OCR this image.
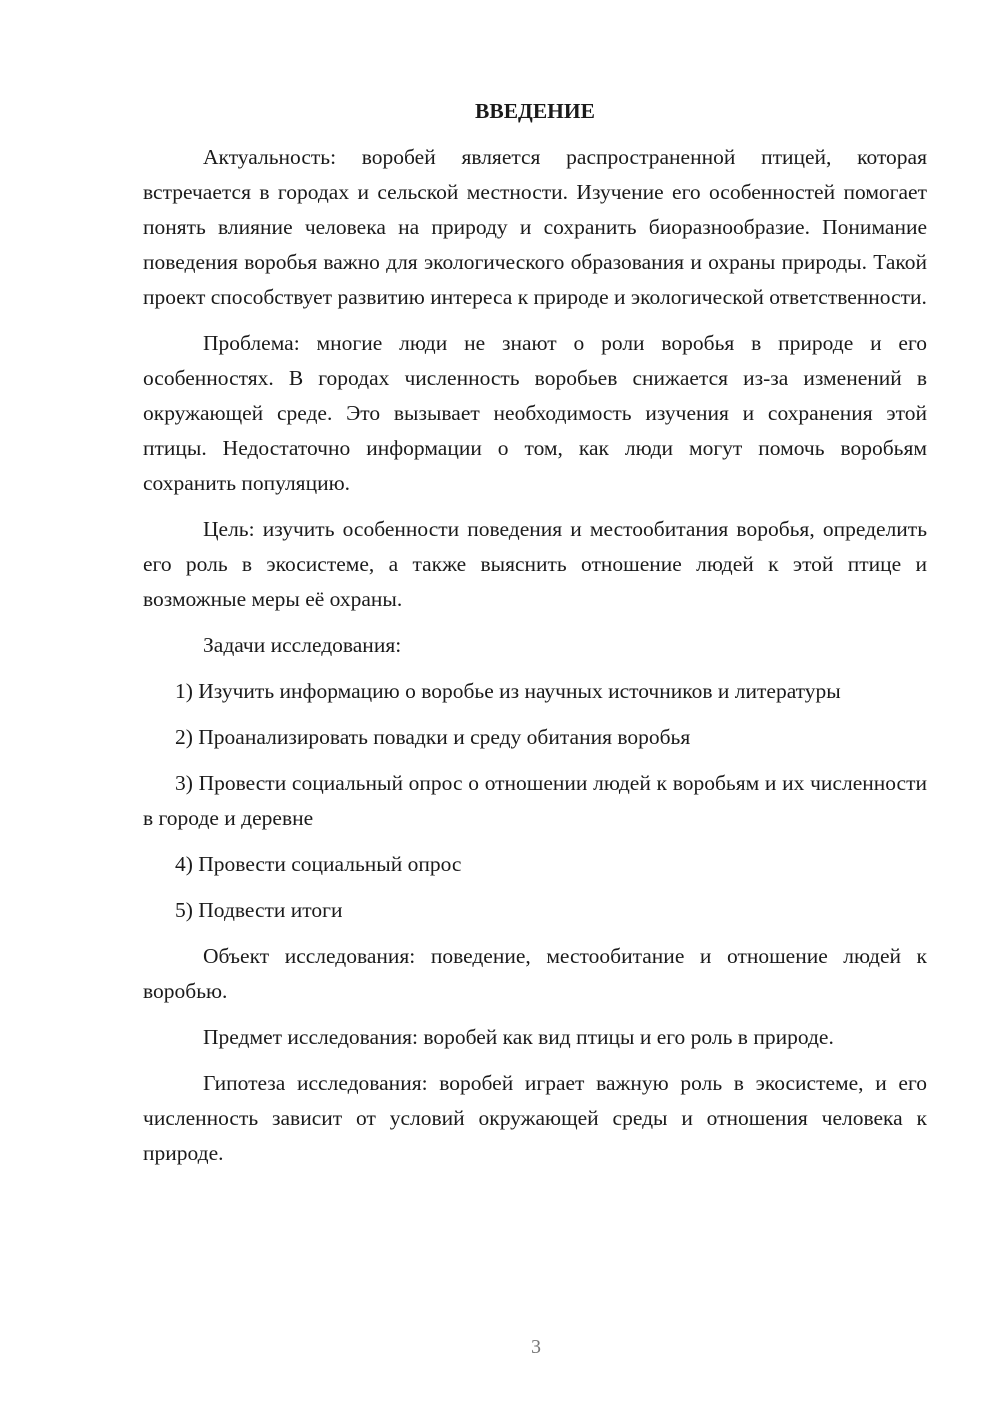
ВВЕДЕНИЕ

Актуальность: воробей является распространенной птицей, которая встречается в городах и сельской местности. Изучение его особенностей помогает понять влияние человека на природу и сохранить биоразнообразие. Понимание поведения воробья важно для экологического образования и охраны природы. Такой проект способствует развитию интереса к природе и экологической ответственности.

Проблема: многие люди не знают о роли воробья в природе и его особенностях. В городах численность воробьев снижается из-за изменений в окружающей среде. Это вызывает необходимость изучения и сохранения этой птицы. Недостаточно информации о том, как люди могут помочь воробьям сохранить популяцию.

Цель: изучить особенности поведения и местообитания воробья, определить его роль в экосистеме, а также выяснить отношение людей к этой птице и возможные меры её охраны.

Задачи исследования:

1) Изучить информацию о воробье из научных источников и литературы

2) Проанализировать повадки и среду обитания воробья

3) Провести социальный опрос о отношении людей к воробьям и их численности в городе и деревне

4) Провести социальный опрос

5) Подвести итоги

Объект исследования: поведение, местообитание и отношение людей к воробью.

Предмет исследования: воробей как вид птицы и его роль в природе.

Гипотеза исследования: воробей играет важную роль в экосистеме, и его численность зависит от условий окружающей среды и отношения человека к природе.

3
